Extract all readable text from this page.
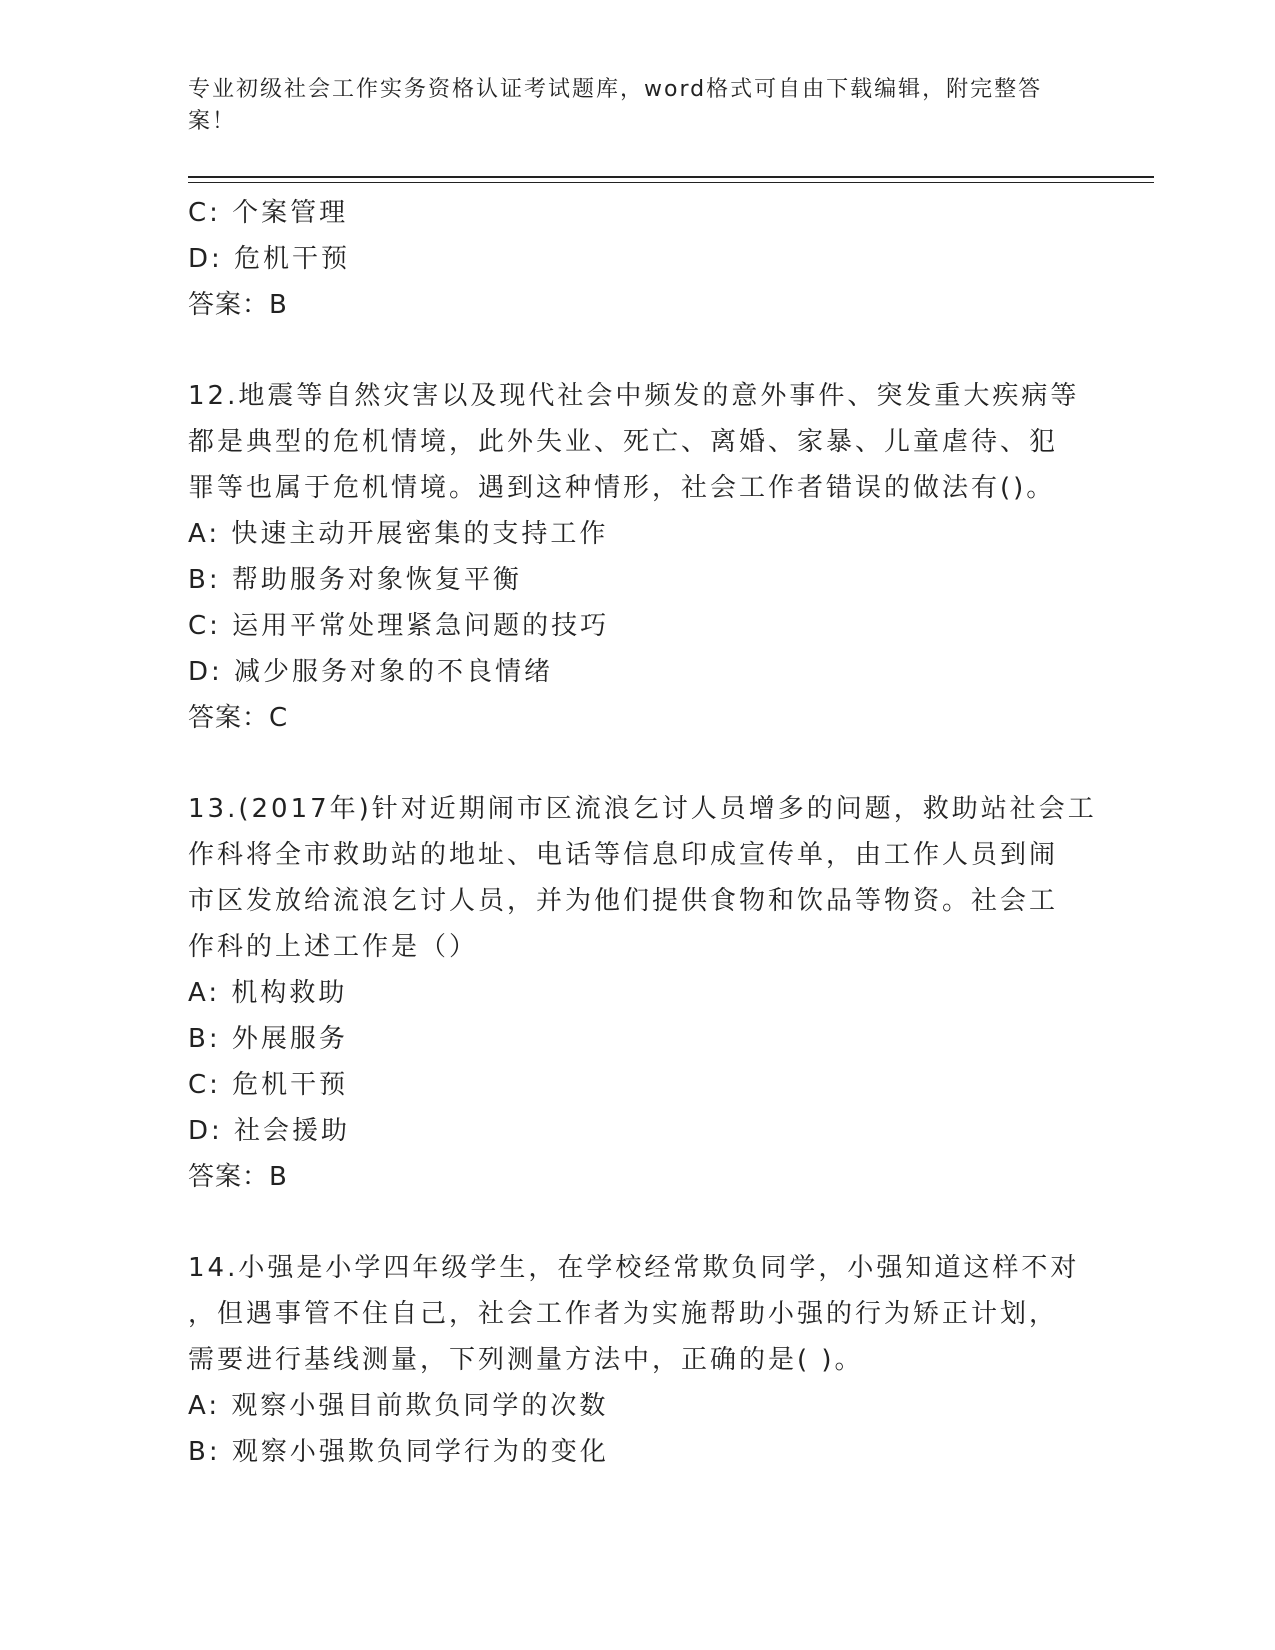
专业初级社会工作实务资格认证考试题库，word格式可自由下载编辑，附完整答
案！
C: 个案管理
D: 危机干预
答案：B
12.地震等自然灾害以及现代社会中频发的意外事件、突发重大疾病等
都是典型的危机情境，此外失业、死亡、离婚、家暴、儿童虐待、犯
罪等也属于危机情境。遇到这种情形，社会工作者错误的做法有()。
A: 快速主动开展密集的支持工作
B: 帮助服务对象恢复平衡
C: 运用平常处理紧急问题的技巧
D: 减少服务对象的不良情绪
答案：C
13.(2017年)针对近期闹市区流浪乞讨人员增多的问题，救助站社会工
作科将全市救助站的地址、电话等信息印成宣传单，由工作人员到闹
市区发放给流浪乞讨人员，并为他们提供食物和饮品等物资。社会工
作科的上述工作是（）
A: 机构救助
B: 外展服务
C: 危机干预
D: 社会援助
答案：B
14.小强是小学四年级学生，在学校经常欺负同学，小强知道这样不对
，但遇事管不住自己，社会工作者为实施帮助小强的行为矫正计划，
需要进行基线测量，下列测量方法中，正确的是( )。
A: 观察小强目前欺负同学的次数
B: 观察小强欺负同学行为的变化
